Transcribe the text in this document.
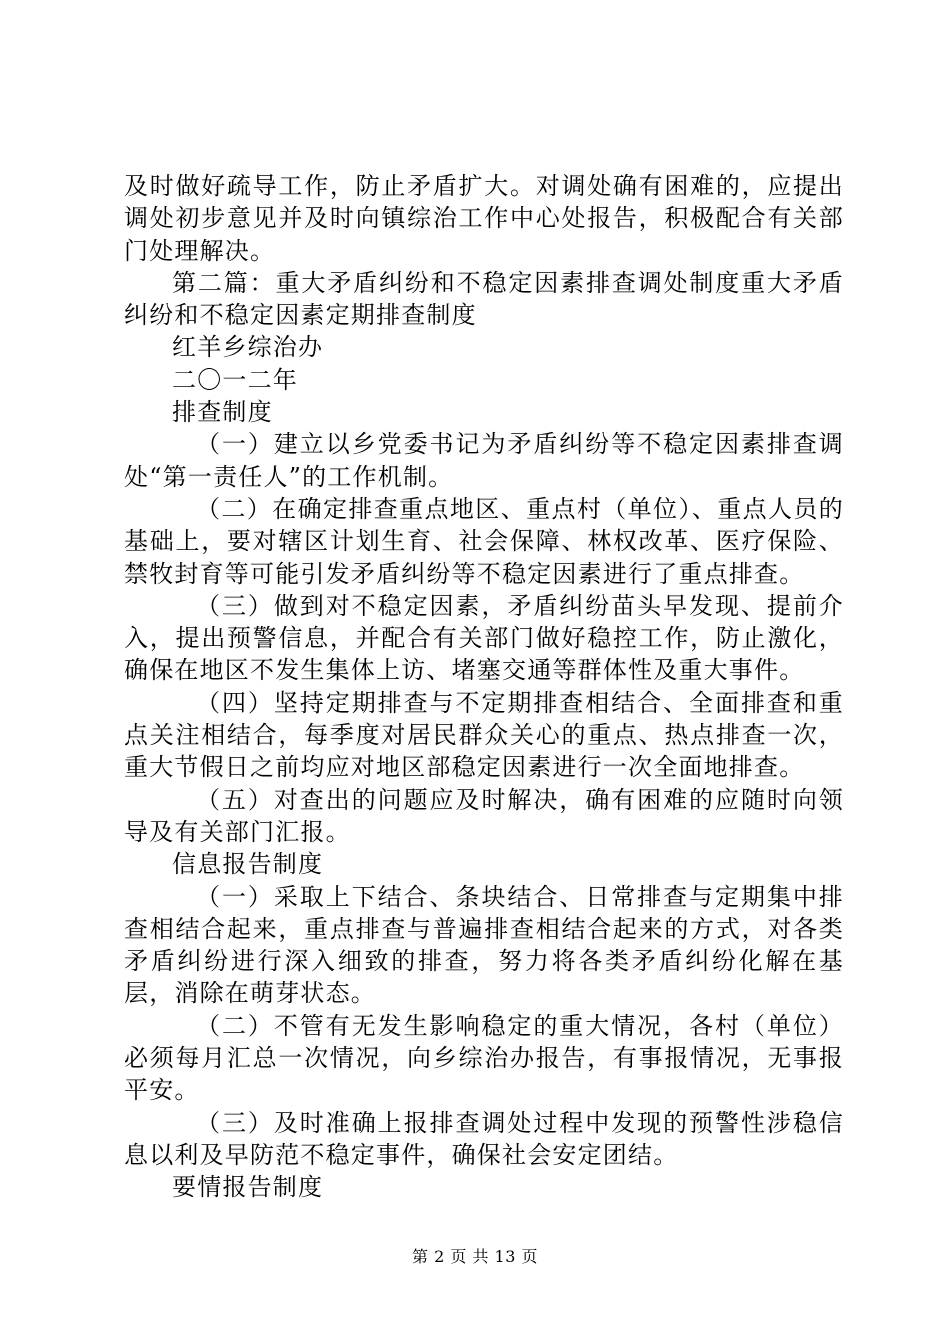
及时做好疏导工作，防止矛盾扩大。对调处确有困难的，应提出调处初步意见并及时向镇综治工作中心处报告，积极配合有关部门处理解决。

第二篇：重大矛盾纠纷和不稳定因素排查调处制度重大矛盾纠纷和不稳定因素定期排查制度

红羊乡综治办

二〇一二年

排查制度

（一）建立以乡党委书记为矛盾纠纷等不稳定因素排查调处“第一责任人”的工作机制。

（二）在确定排查重点地区、重点村（单位）、重点人员的基础上，要对辖区计划生育、社会保障、林权改革、医疗保险、禁牧封育等可能引发矛盾纠纷等不稳定因素进行了重点排查。

（三）做到对不稳定因素，矛盾纠纷苗头早发现、提前介入，提出预警信息，并配合有关部门做好稳控工作，防止激化，确保在地区不发生集体上访、堵塞交通等群体性及重大事件。

（四）坚持定期排查与不定期排查相结合、全面排查和重点关注相结合，每季度对居民群众关心的重点、热点排查一次，重大节假日之前均应对地区部稳定因素进行一次全面地排查。

（五）对查出的问题应及时解决，确有困难的应随时向领导及有关部门汇报。

信息报告制度

（一）采取上下结合、条块结合、日常排查与定期集中排查相结合起来，重点排查与普遍排查相结合起来的方式，对各类矛盾纠纷进行深入细致的排查，努力将各类矛盾纠纷化解在基层，消除在萌芽状态。

（二）不管有无发生影响稳定的重大情况，各村（单位）必须每月汇总一次情况，向乡综治办报告，有事报情况，无事报平安。

（三）及时准确上报排查调处过程中发现的预警性涉稳信息以利及早防范不稳定事件，确保社会安定团结。

要情报告制度

第 2 页 共 13 页
